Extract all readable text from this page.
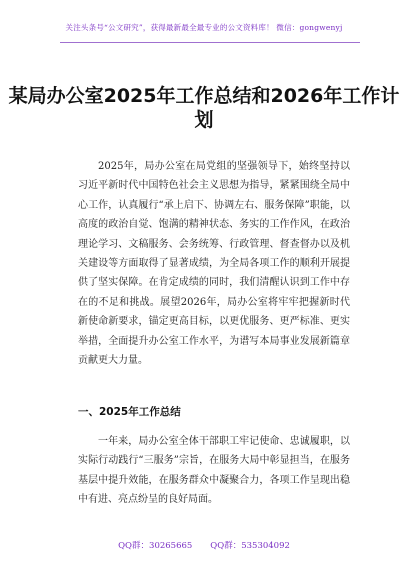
关注头条号“公文研究”，获得最新最全最专业的公文资料库！ 微信：gongwenyj
某局办公室2025年工作总结和2026年工作计划

2025年，局办公室在局党组的坚强领导下，始终坚持以习近平新时代中国特色社会主义思想为指导，紧紧围绕全局中心工作，认真履行“承上启下、协调左右、服务保障”职能，以高度的政治自觉、饱满的精神状态、务实的工作作风，在政治理论学习、文稿服务、会务统筹、行政管理、督查督办以及机关建设等方面取得了显著成绩，为全局各项工作的顺利开展提供了坚实保障。在肯定成绩的同时，我们清醒认识到工作中存在的不足和挑战。展望2026年，局办公室将牢牢把握新时代新使命新要求，锚定更高目标，以更优服务、更严标准、更实举措，全面提升办公室工作水平，为谱写本局事业发展新篇章贡献更大力量。

一、2025年工作总结

一年来，局办公室全体干部职工牢记使命、忠诚履职，以实际行动践行“三服务”宗旨，在服务大局中彰显担当，在服务基层中提升效能，在服务群众中凝聚合力，各项工作呈现出稳中有进、亮点纷呈的良好局面。

QQ群：30265665 QQ群：535304092
